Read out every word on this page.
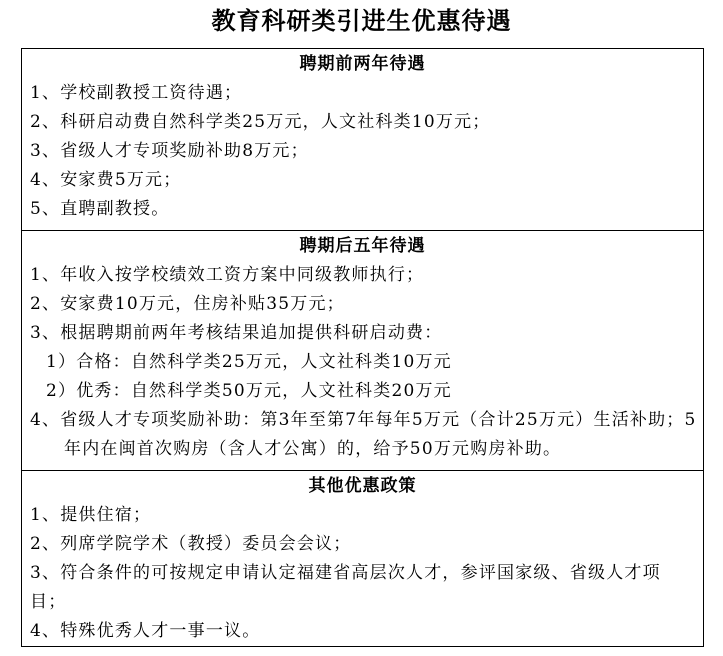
教育科研类引进生优惠待遇
聘期前两年待遇
1、学校副教授工资待遇；
2、科研启动费自然科学类25万元，人文社科类10万元；
3、省级人才专项奖励补助8万元；
4、安家费5万元；
5、直聘副教授。
聘期后五年待遇
1、年收入按学校绩效工资方案中同级教师执行；
2、安家费10万元，住房补贴35万元；
3、根据聘期前两年考核结果追加提供科研启动费：
1）合格：自然科学类25万元，人文社科类10万元
2）优秀：自然科学类50万元，人文社科类20万元
4、省级人才专项奖励补助：第3年至第7年每年5万元（合计25万元）生活补助；5年内在闽首次购房（含人才公寓）的，给予50万元购房补助。
其他优惠政策
1、提供住宿；
2、列席学院学术（教授）委员会会议；
3、符合条件的可按规定申请认定福建省高层次人才，参评国家级、省级人才项目；
4、特殊优秀人才一事一议。
